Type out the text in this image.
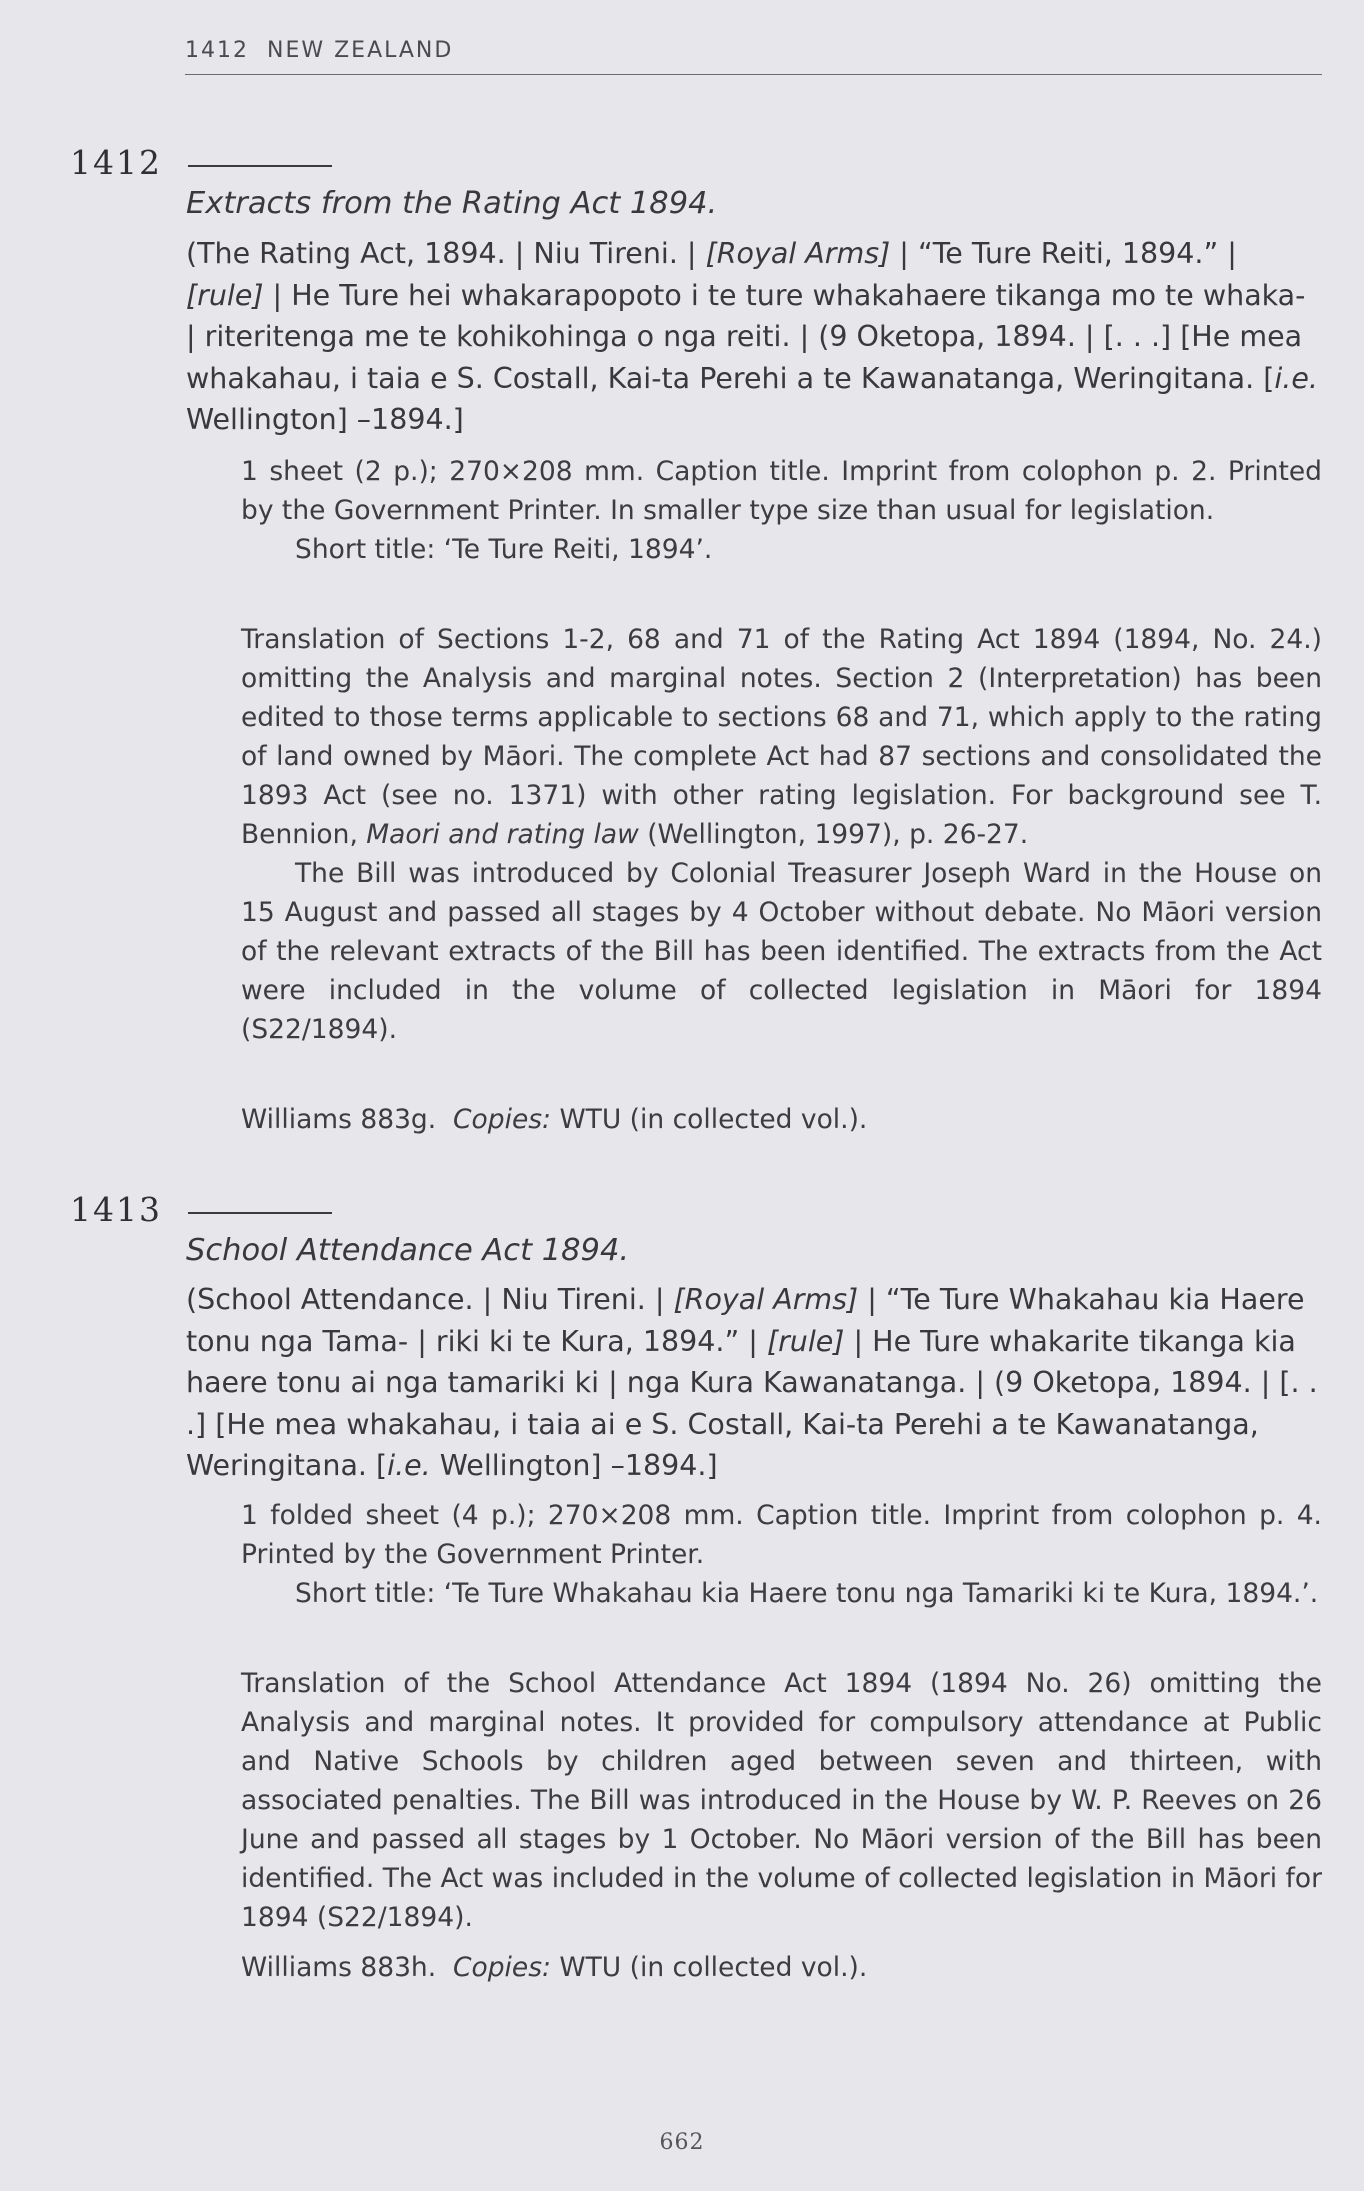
1412 NEW ZEALAND
1412
Extracts from the Rating Act 1894.
(The Rating Act, 1894. | Niu Tireni. | [Royal Arms] | “Te Ture Reiti, 1894.” | [rule] | He Ture hei whakarapopoto i te ture whakahaere tikanga mo te whaka- | riteritenga me te kohikohinga o nga reiti. | (9 Oketopa, 1894. | [. . .] [He mea whakahau, i taia e S. Costall, Kai-ta Perehi a te Kawanatanga, Weringitana. [i.e. Wellington] –1894.]

1 sheet (2 p.); 270×208 mm. Caption title. Imprint from colophon p. 2. Printed by the Government Printer. In smaller type size than usual for legislation.

Short title: ‘Te Ture Reiti, 1894’.

Translation of Sections 1-2, 68 and 71 of the Rating Act 1894 (1894, No. 24.) omitting the Analysis and marginal notes. Section 2 (Interpretation) has been edited to those terms applicable to sections 68 and 71, which apply to the rating of land owned by Māori. The complete Act had 87 sections and consolidated the 1893 Act (see no. 1371) with other rating legislation. For background see T. Bennion, Maori and rating law (Wellington, 1997), p. 26-27.

The Bill was introduced by Colonial Treasurer Joseph Ward in the House on 15 August and passed all stages by 4 October without debate. No Māori version of the relevant extracts of the Bill has been identified. The extracts from the Act were included in the volume of collected legislation in Māori for 1894 (S22/1894).

Williams 883g. Copies: WTU (in collected vol.).

1413
School Attendance Act 1894.
(School Attendance. | Niu Tireni. | [Royal Arms] | “Te Ture Whakahau kia Haere tonu nga Tama- | riki ki te Kura, 1894.” | [rule] | He Ture whakarite tikanga kia haere tonu ai nga tamariki ki | nga Kura Kawanatanga. | (9 Oketopa, 1894. | [. . .] [He mea whakahau, i taia ai e S. Costall, Kai-ta Perehi a te Kawanatanga, Weringitana. [i.e. Wellington] –1894.]

1 folded sheet (4 p.); 270×208 mm. Caption title. Imprint from colophon p. 4. Printed by the Government Printer.

Short title: ‘Te Ture Whakahau kia Haere tonu nga Tamariki ki te Kura, 1894.’.

Translation of the School Attendance Act 1894 (1894 No. 26) omitting the Analysis and marginal notes. It provided for compulsory attendance at Public and Native Schools by children aged between seven and thirteen, with associated penalties. The Bill was introduced in the House by W. P. Reeves on 26 June and passed all stages by 1 October. No Māori version of the Bill has been identified. The Act was included in the volume of collected legislation in Māori for 1894 (S22/1894).

Williams 883h. Copies: WTU (in collected vol.).

662
